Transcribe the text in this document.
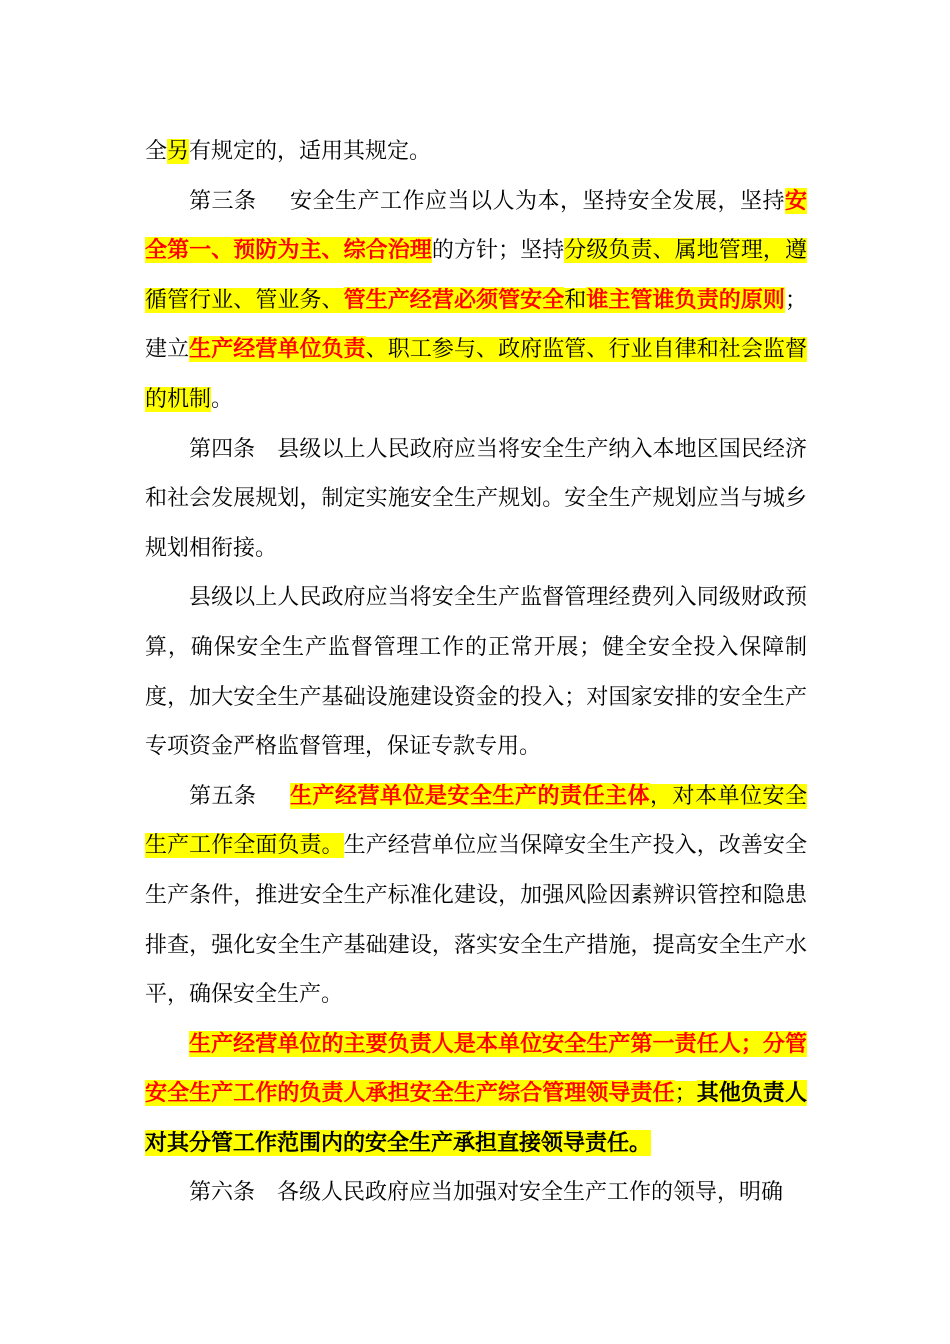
全另有规定的，适用其规定。

第三条 安全生产工作应当以人为本，坚持安全发展，坚持安全第一、预防为主、综合治理的方针；坚持分级负责、属地管理，遵循管行业、管业务、管生产经营必须管安全和谁主管谁负责的原则；建立生产经营单位负责、职工参与、政府监管、行业自律和社会监督的机制。

第四条 县级以上人民政府应当将安全生产纳入本地区国民经济和社会发展规划，制定实施安全生产规划。安全生产规划应当与城乡规划相衔接。

县级以上人民政府应当将安全生产监督管理经费列入同级财政预算，确保安全生产监督管理工作的正常开展；健全安全投入保障制度，加大安全生产基础设施建设资金的投入；对国家安排的安全生产专项资金严格监督管理，保证专款专用。

第五条 生产经营单位是安全生产的责任主体，对本单位安全生产工作全面负责。生产经营单位应当保障安全生产投入，改善安全生产条件，推进安全生产标准化建设，加强风险因素辨识管控和隐患排查，强化安全生产基础建设，落实安全生产措施，提高安全生产水平，确保安全生产。

生产经营单位的主要负责人是本单位安全生产第一责任人；分管安全生产工作的负责人承担安全生产综合管理领导责任；其他负责人对其分管工作范围内的安全生产承担直接领导责任。

第六条 各级人民政府应当加强对安全生产工作的领导，明确
